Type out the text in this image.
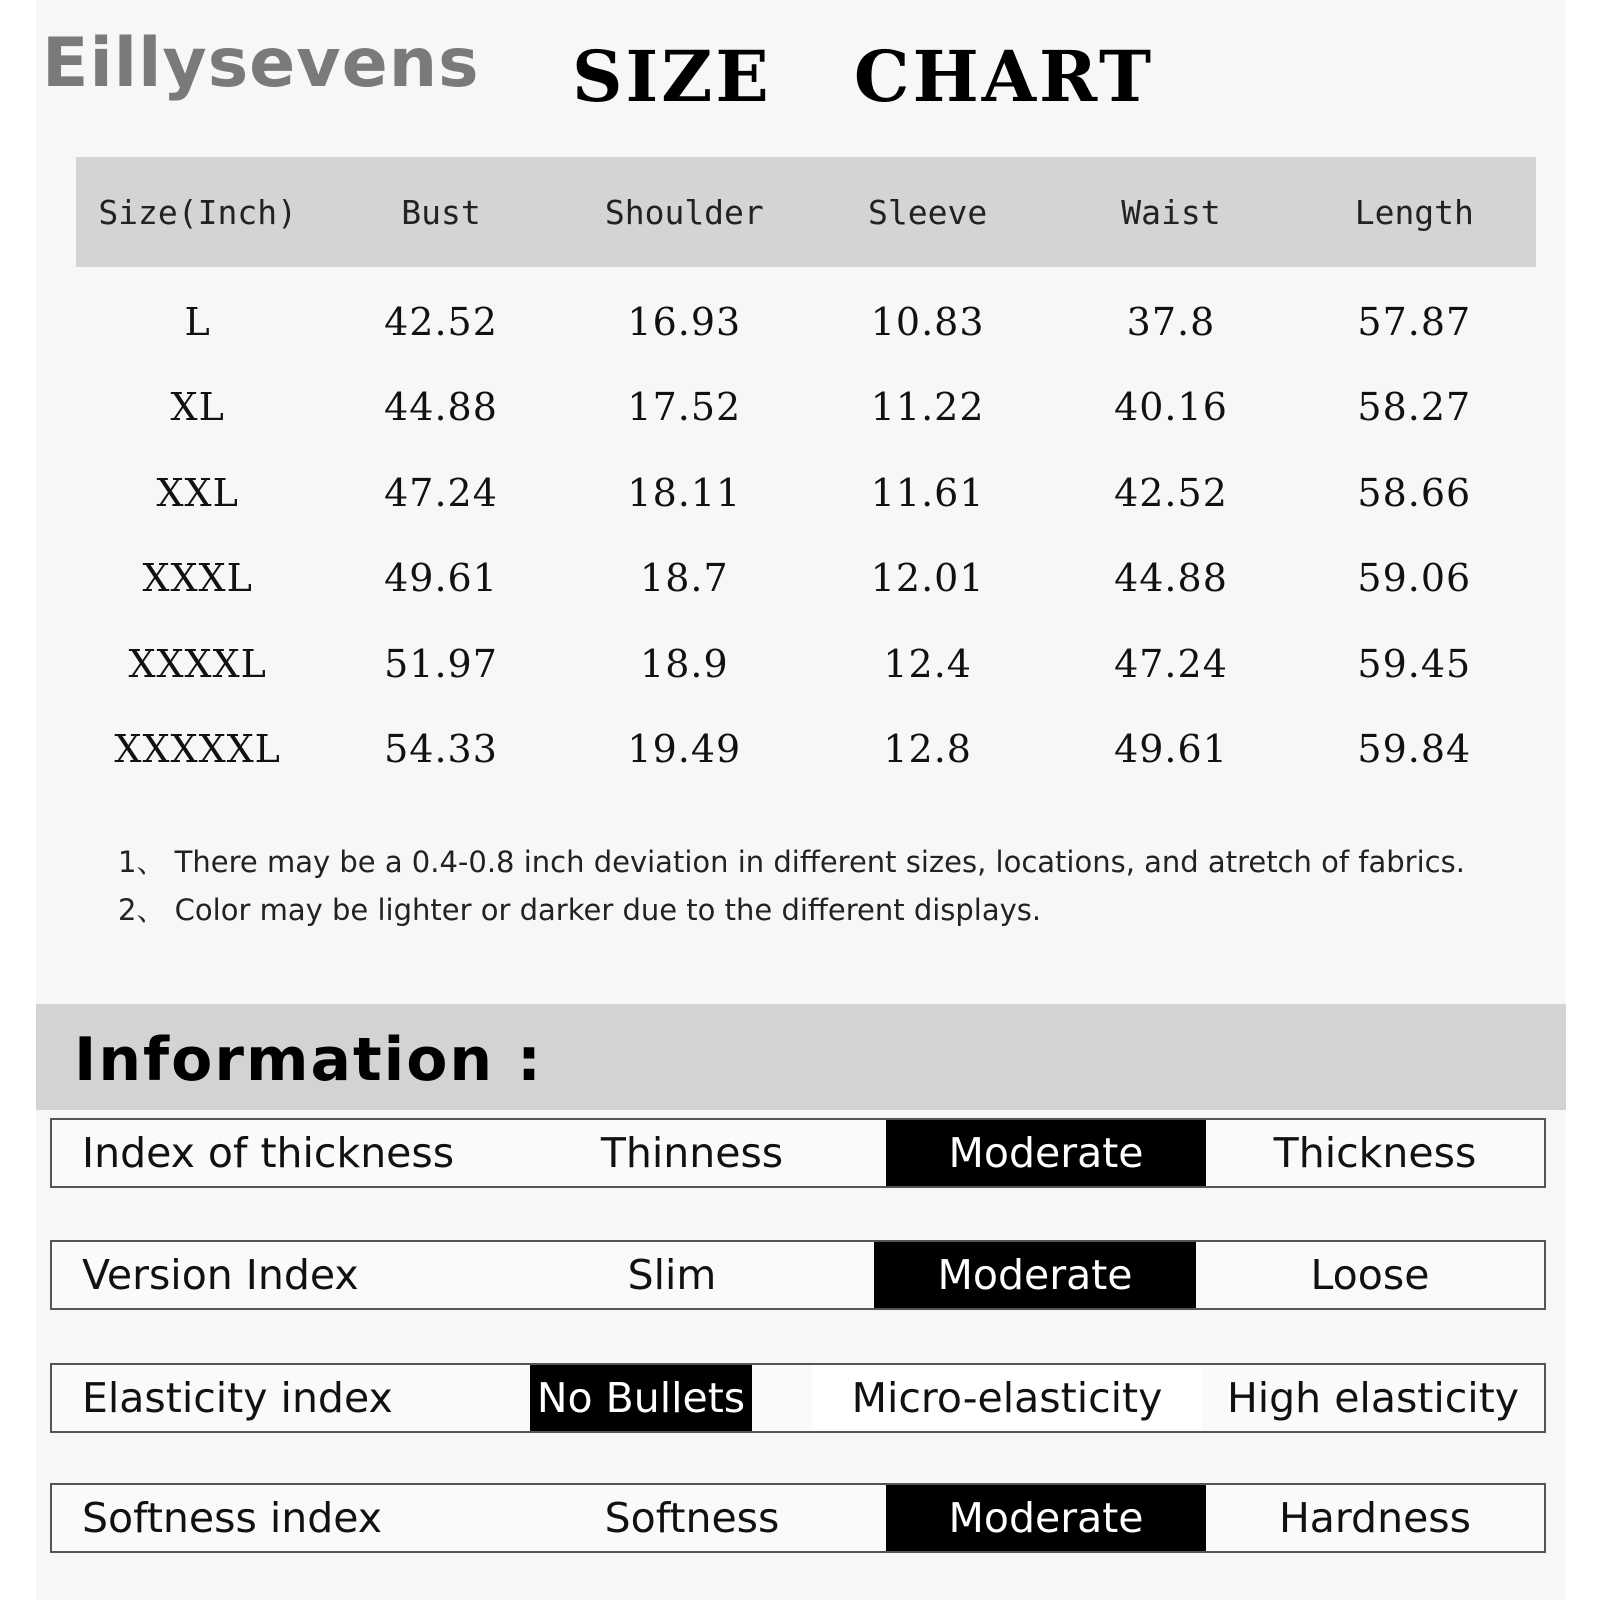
Eillysevens SIZE   CHART
Size(Inch)	Bust	Shoulder	Sleeve	Waist	Length
L	42.52	16.93	10.83	37.8	57.87
XL	44.88	17.52	11.22	40.16	58.27
XXL	47.24	18.11	11.61	42.52	58.66
XXXL	49.61	18.7	12.01	44.88	59.06
XXXXL	51.97	18.9	12.4	47.24	59.45
XXXXXL	54.33	19.49	12.8	49.61	59.84
1、 There may be a 0.4-0.8 inch deviation in different sizes, locations, and atretch of fabrics.
2、 Color may be lighter or darker due to the different displays.
Information :
Index of thickness	Thinness	Moderate	Thickness
Version Index	Slim	Moderate	Loose
Elasticity index	No Bullets	Micro-elasticity	High elasticity
Softness index	Softness	Moderate	Hardness
